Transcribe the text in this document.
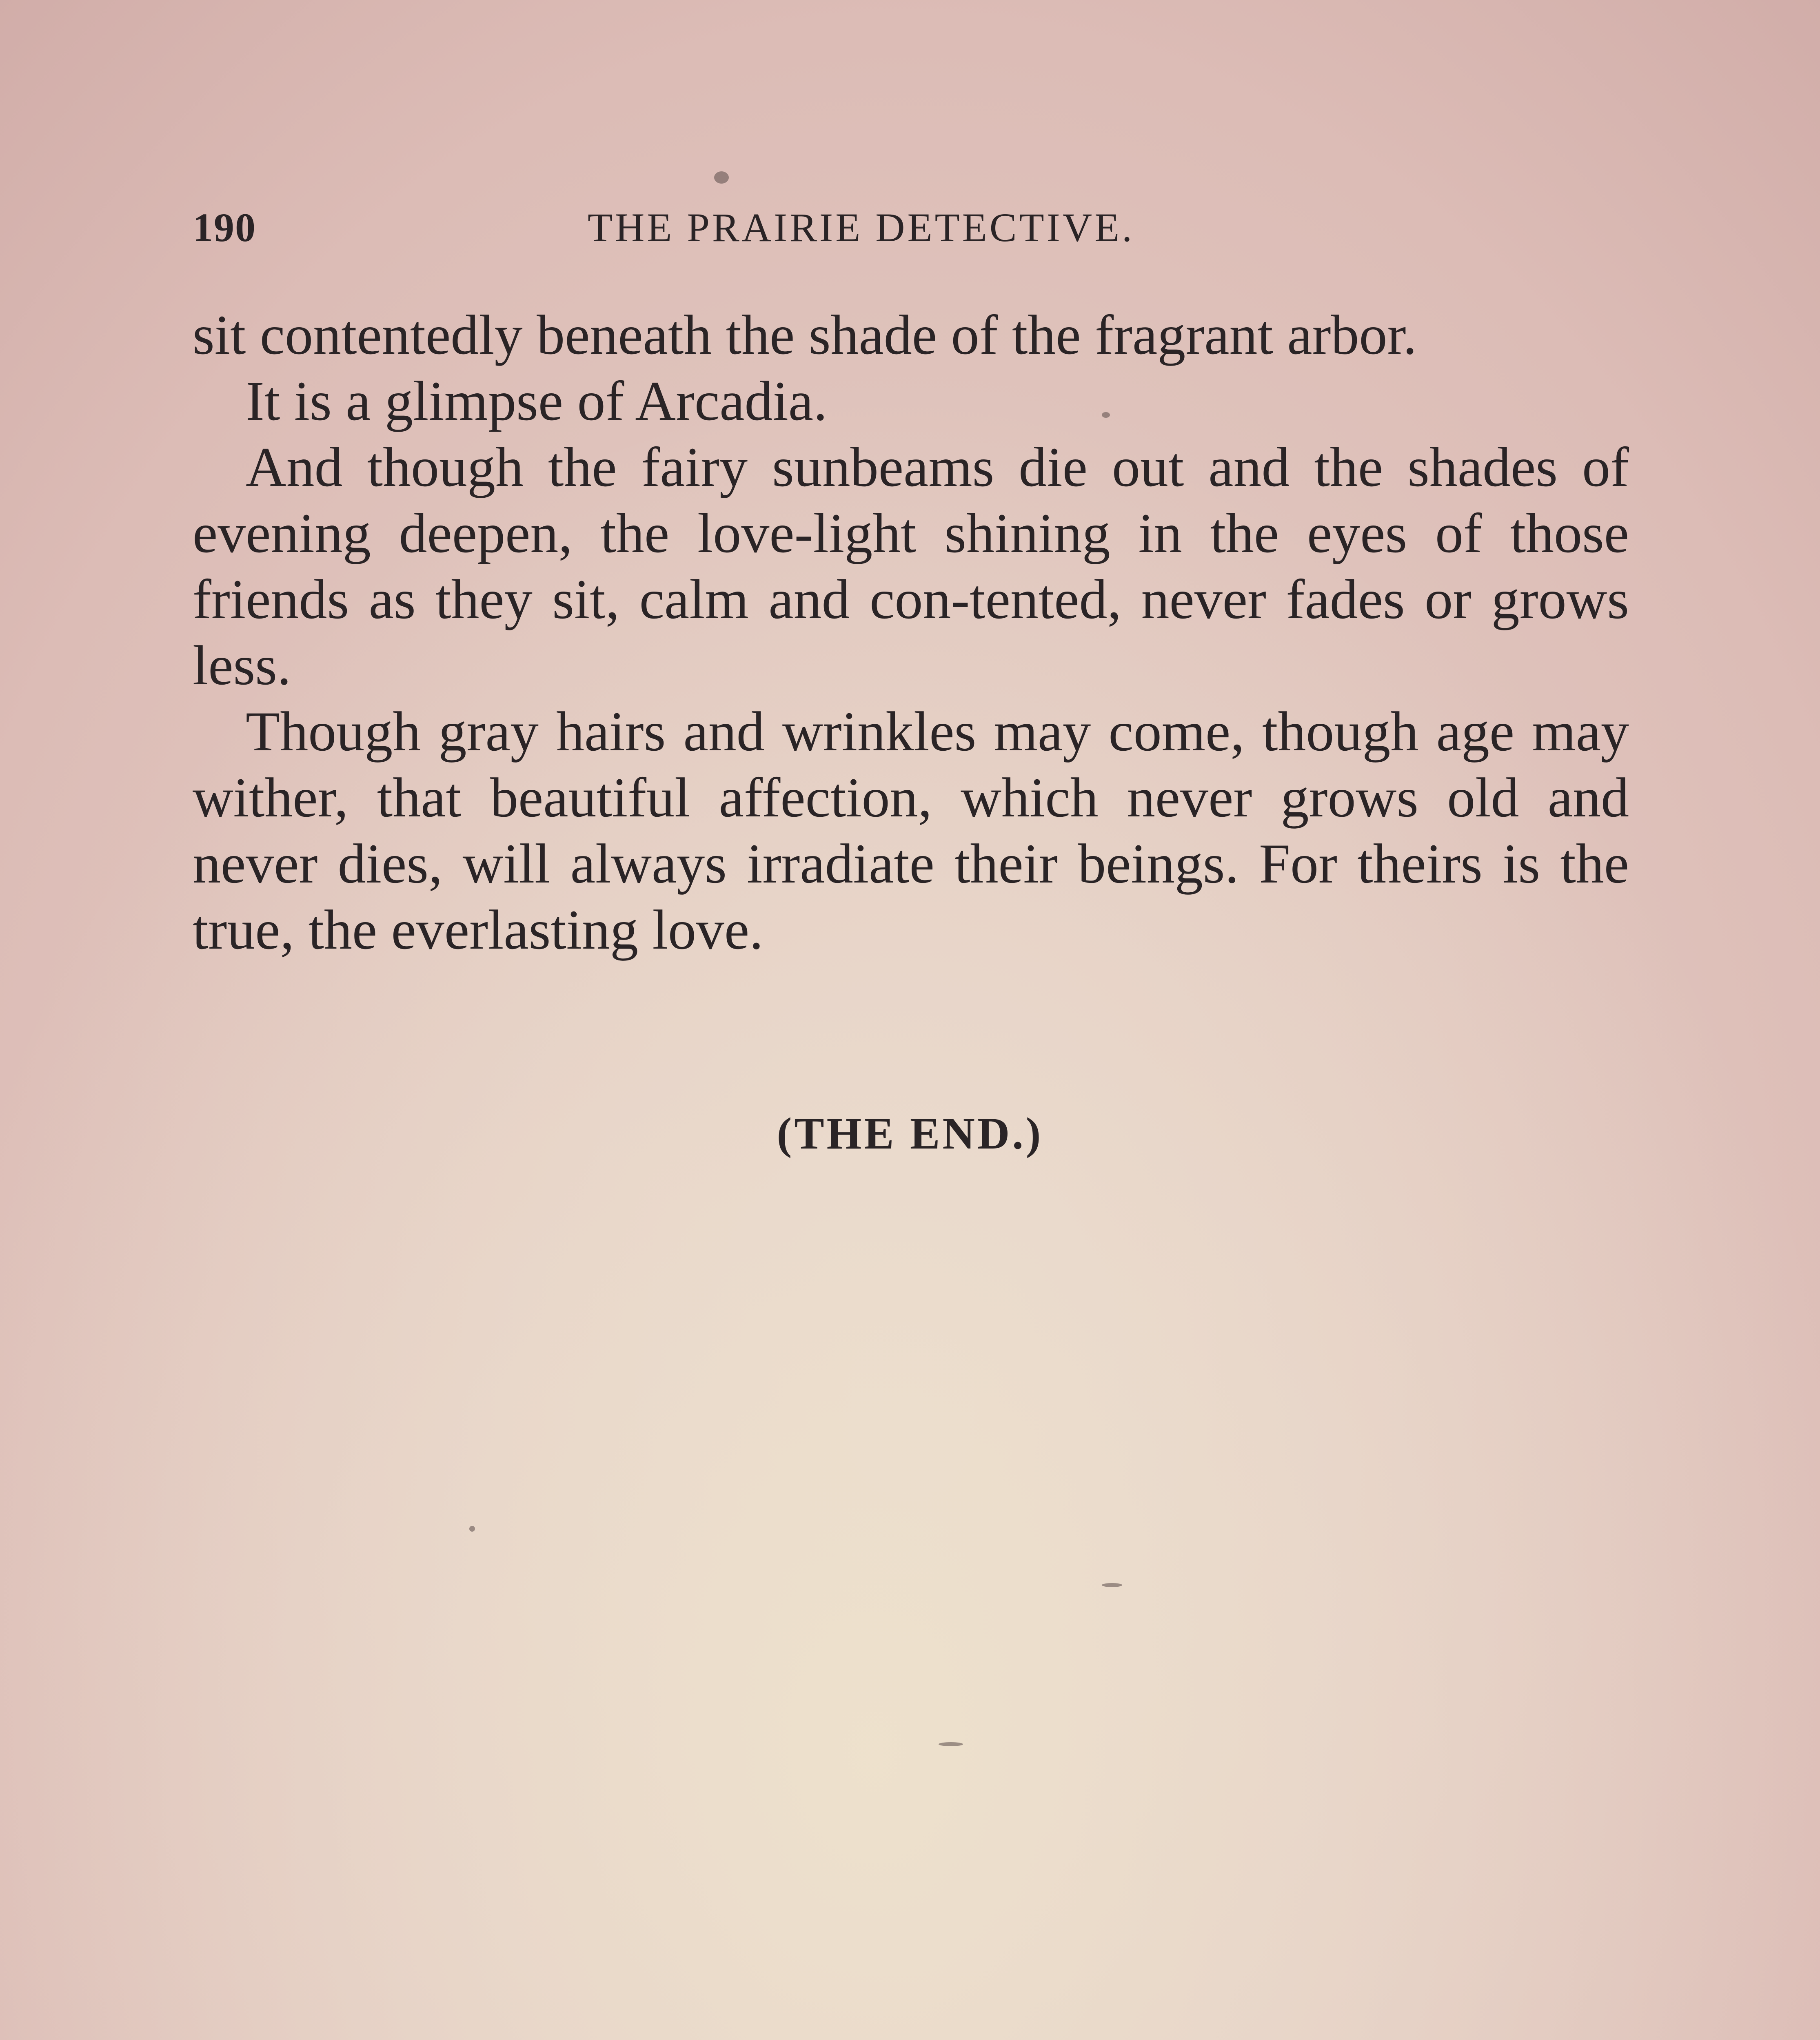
190	THE PRAIRIE DETECTIVE.

sit contentedly beneath the shade of the fragrant arbor.

It is a glimpse of Arcadia.

And though the fairy sunbeams die out and the shades of evening deepen, the love-light shining in the eyes of those friends as they sit, calm and con-tented, never fades or grows less.

Though gray hairs and wrinkles may come, though age may wither, that beautiful affection, which never grows old and never dies, will always irradiate their beings. For theirs is the true, the everlasting love.

(THE END.)
